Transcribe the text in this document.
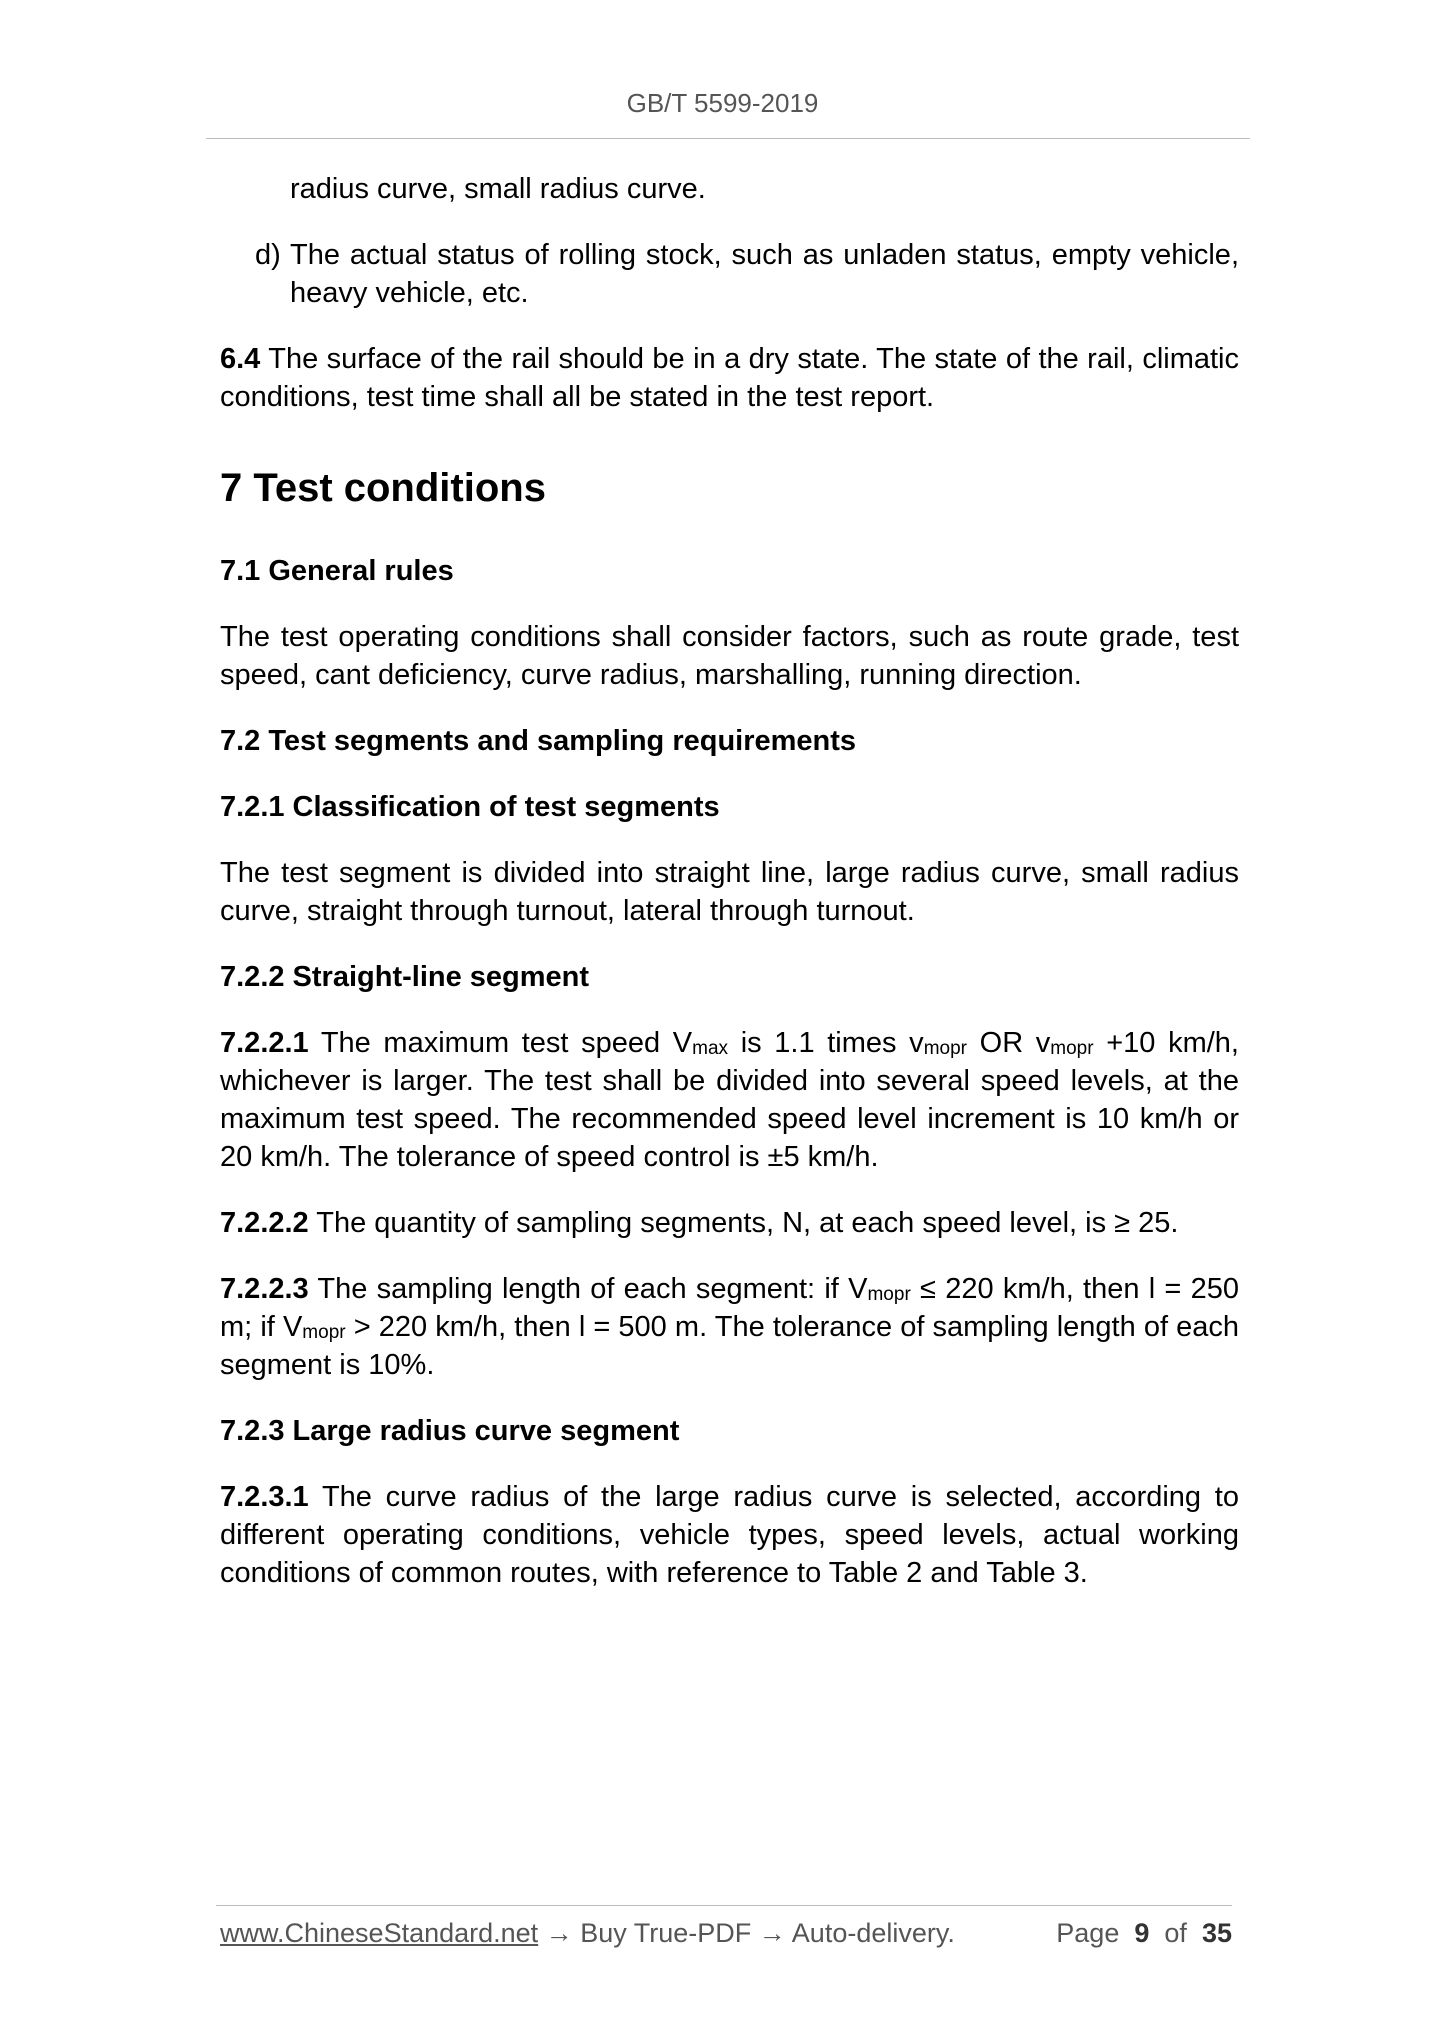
GB/T 5599-2019

radius curve, small radius curve.

d) The actual status of rolling stock, such as unladen status, empty vehicle, heavy vehicle, etc.

6.4 The surface of the rail should be in a dry state. The state of the rail, climatic conditions, test time shall all be stated in the test report.

7 Test conditions

7.1 General rules

The test operating conditions shall consider factors, such as route grade, test speed, cant deficiency, curve radius, marshalling, running direction.

7.2 Test segments and sampling requirements

7.2.1 Classification of test segments

The test segment is divided into straight line, large radius curve, small radius curve, straight through turnout, lateral through turnout.

7.2.2 Straight-line segment

7.2.2.1 The maximum test speed $V_{max}$ is 1.1 times $v_{mopr}$ OR $v_{mopr} +10$ km/h, whichever is larger. The test shall be divided into several speed levels, at the maximum test speed. The recommended speed level increment is 10 km/h or 20 km/h. The tolerance of speed control is ±5 km/h.

7.2.2.2 The quantity of sampling segments, N, at each speed level, is ≥ 25.

7.2.2.3 The sampling length of each segment: if $V_{mopr} \le 220$ km/h, then l = 250 m; if $V_{mopr} > 220$ km/h, then l = 500 m. The tolerance of sampling length of each segment is 10%.

7.2.3 Large radius curve segment

7.2.3.1 The curve radius of the large radius curve is selected, according to different operating conditions, vehicle types, speed levels, actual working conditions of common routes, with reference to Table 2 and Table 3.

www.ChineseStandard.net → Buy True-PDF → Auto-delivery.	Page 9 of 35
